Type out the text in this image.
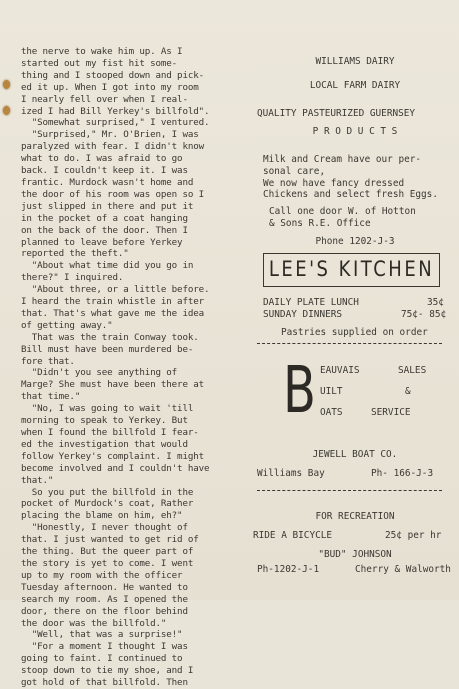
the nerve to wake him up. As I

started out my fist hit some-

thing and I stooped down and pick-

ed it up. When I got into my room

I nearly fell over when I real-

ized I had Bill Yerkey's billfold".

"Somewhat surprised," I ventured.

"Surprised," Mr. O'Brien, I was

paralyzed with fear. I didn't know

what to do. I was afraid to go

back. I couldn't keep it. I was

frantic. Murdock wasn't home and

the door of his room was open so I

just slipped in there and put it

in the pocket of a coat hanging

on the back of the door. Then I

planned to leave before Yerkey

reported the theft."

"About what time did you go in

there?" I inquired.

"About three, or a little before.

I heard the train whistle in after

that. That's what gave me the idea

of getting away."

That was the train Conway took.

Bill must have been murdered be-

fore that.

"Didn't you see anything of

Marge? She must have been there at

that time."

"No, I was going to wait 'till

morning to speak to Yerkey. But

when I found the billfold I fear-

ed the investigation that would

follow Yerkey's complaint. I might

become involved and I couldn't have

that."

So you put the billfold in the

pocket of Murdock's coat, Rather

placing the blame on him, eh?"

"Honestly, I never thought of

that. I just wanted to get rid of

the thing. But the queer part of

the story is yet to come. I went

up to my room with the officer

Tuesday afternoon. He wanted to

search my room. As I opened the

door, there on the floor behind

the door was the billfold."

"Well, that was a surprise!"

"For a moment I thought I was

going to faint. I continued to

stoop down to tie my shoe, and I

got hold of that billfold. Then

WILLIAMS DAIRY
LOCAL FARM DAIRY
QUALITY PASTEURIZED GUERNSEY
P R O D U C T S
Milk and Cream have our per-
sonal care,
We now have fancy dressed
Chickens and select fresh Eggs.
Call one door W. of Hotton
& Sons R.E. Office
Phone 1202-J-3
LEE'S KITCHEN
DAILY PLATE LUNCH	35¢
SUNDAY DINNERS	75¢- 85¢
Pastries supplied on order
B EAUVAIS	SALES
UILT	&
OATS	SERVICE
JEWELL BOAT CO.
Williams Bay	Ph- 166-J-3
FOR RECREATION
RIDE A BICYCLE	25¢ per hr
"BUD" JOHNSON
Ph-1202-J-1	Cherry & Walworth
